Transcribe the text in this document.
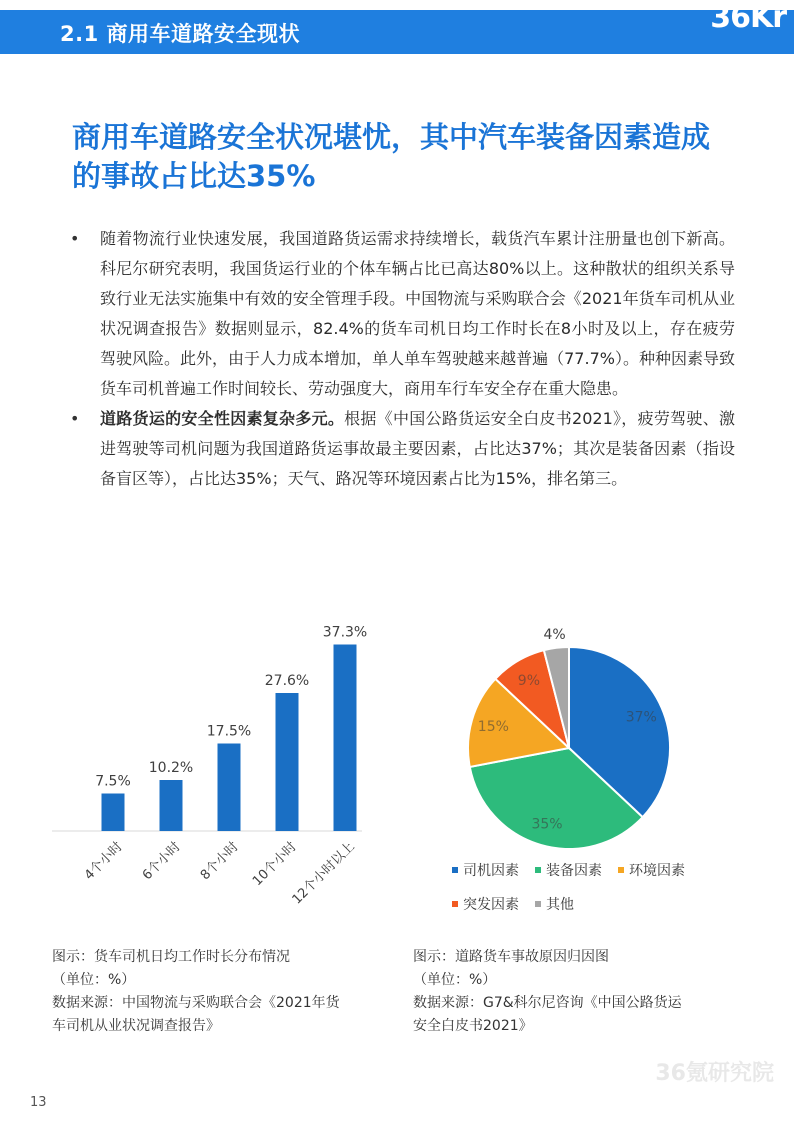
2.1 商用车道路安全现状	36Kr
商用车道路安全状况堪忧，其中汽车装备因素造成的事故占比达35%
• 随着物流行业快速发展，我国道路货运需求持续增长，载货汽车累计注册量也创下新高。科尼尔研究表明，我国货运行业的个体车辆占比已高达80%以上。这种散状的组织关系导致行业无法实施集中有效的安全管理手段。中国物流与采购联合会《2021年货车司机从业状况调查报告》数据则显示，82.4%的货车司机日均工作时长在8小时及以上，存在疲劳驾驶风险。此外，由于人力成本增加，单人单车驾驶越来越普遍（77.7%）。种种因素导致货车司机普遍工作时间较长、劳动强度大，商用车行车安全存在重大隐患。
• 道路货运的安全性因素复杂多元。根据《中国公路货运安全白皮书2021》，疲劳驾驶、激进驾驶等司机问题为我国道路货运事故最主要因素，占比达37%；其次是装备因素（指设备盲区等），占比达35%；天气、路况等环境因素占比为15%，排名第三。
7.5%
4个小时
10.2%
6个小时
17.5%
8个小时
27.6%
10个小时
37.3%
12个小时以上
37%
35%
15%
9%
4%
司机因素 装备因素 环境因素
突发因素 其他
图示：货车司机日均工作时长分布情况
（单位：%）
数据来源：中国物流与采购联合会《2021年货
车司机从业状况调查报告》
图示：道路货车事故原因归因图
（单位：%）
数据来源：G7&科尔尼咨询《中国公路货运
安全白皮书2021》
36氪研究院
13
